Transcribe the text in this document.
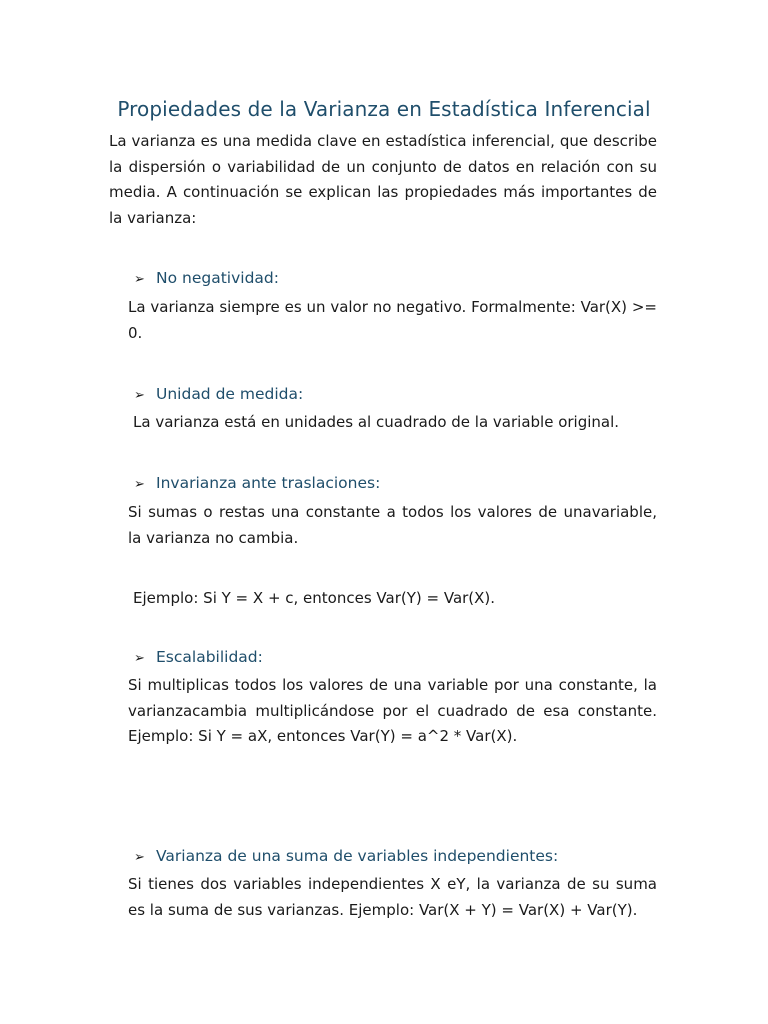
Propiedades de la Varianza en Estadística Inferencial

La varianza es una medida clave en estadística inferencial, que describe la dispersión o variabilidad de un conjunto de datos en relación con su media. A continuación se explican las propiedades más importantes de la varianza:

➢ No negatividad:

La varianza siempre es un valor no negativo. Formalmente: Var(X) >= 0.

➢ Unidad de medida:

La varianza está en unidades al cuadrado de la variable original.

➢ Invarianza ante traslaciones:

Si sumas o restas una constante a todos los valores de unavariable, la varianza no cambia.

Ejemplo: Si Y = X + c, entonces Var(Y) = Var(X).

➢ Escalabilidad:

Si multiplicas todos los valores de una variable por una constante, la varianzacambia multiplicándose por el cuadrado de esa constante. Ejemplo: Si Y = aX, entonces Var(Y) = a^2 * Var(X).

➢ Varianza de una suma de variables independientes:

Si tienes dos variables independientes X eY, la varianza de su suma es la suma de sus varianzas. Ejemplo: Var(X + Y) = Var(X) + Var(Y).
